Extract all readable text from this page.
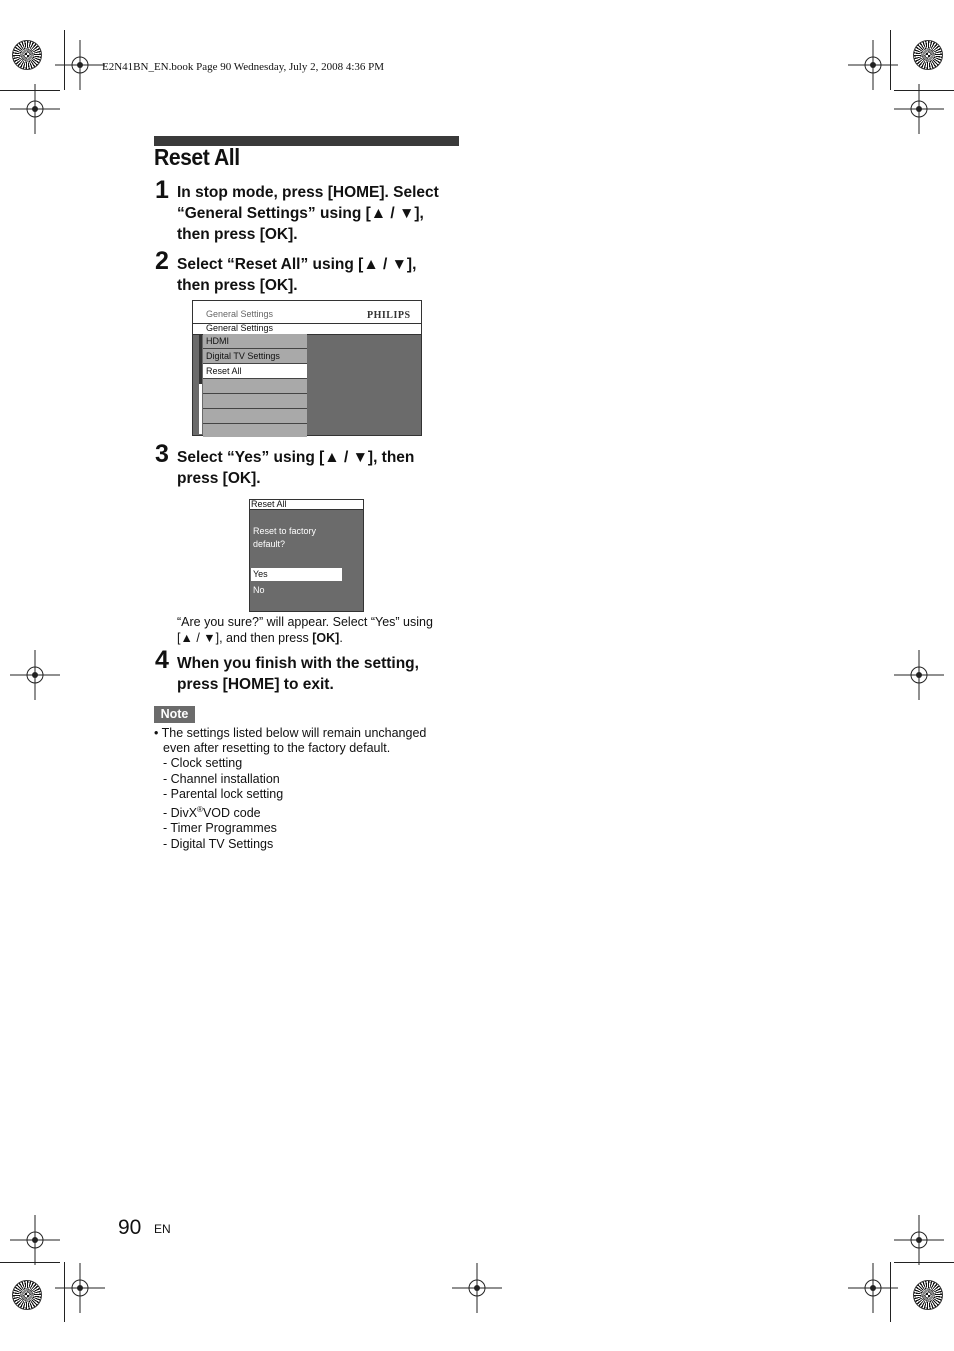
E2N41BN_EN.book Page 90 Wednesday, July 2, 2008 4:36 PM
Reset All
1 In stop mode, press [HOME]. Select
“General Settings” using [▲ / ▼],
then press [OK].
2 Select “Reset All” using [▲ / ▼],
then press [OK].
General Settings	PHILIPS
General Settings
HDMI
Digital TV Settings
Reset All
3 Select “Yes” using [▲ / ▼], then
press [OK].
Reset All
Reset to factory
default?
Yes
No
“Are you sure?” will appear. Select “Yes” using
[▲ / ▼], and then press [OK].
4 When you finish with the setting,
press [HOME] to exit.
Note
• The settings listed below will remain unchanged
even after resetting to the factory default.
- Clock setting
- Channel installation
- Parental lock setting
- DivX®VOD code
- Timer Programmes
- Digital TV Settings
90 EN
